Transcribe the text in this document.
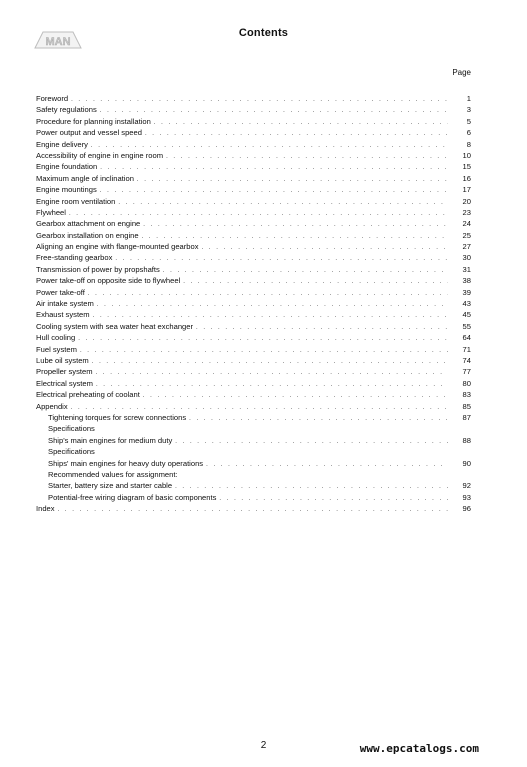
MAN
Contents
Page
Foreword . . .	1
Safety regulations . . .	3
Procedure for planning installation . . .	5
Power output and vessel speed . . .	6
Engine delivery . . .	8
Accessibility of engine in engine room . . .	10
Engine foundation . . .	15
Maximum angle of inclination . . .	16
Engine mountings . . .	17
Engine room ventilation . . .	20
Flywheel . . .	23
Gearbox attachment on engine . . .	24
Gearbox installation on engine . . .	25
Aligning an engine with flange-mounted gearbox . . .	27
Free-standing gearbox . . .	30
Transmission of power by propshafts . . .	31
Power take-off on opposite side to flywheel . . .	38
Power take-off . . .	39
Air intake system . . .	43
Exhaust system . . .	45
Cooling system with sea water heat exchanger . . .	55
Hull cooling . . .	64
Fuel system . . .	71
Lube oil system . . .	74
Propeller system . . .	77
Electrical system . . .	80
Electrical preheating of coolant . . .	83
Appendix . . .	85
Tightening torques for screw connections . . .	87
Specifications
Ship's main engines for medium duty . . .	88
Specifications
Ships' main engines for heavy duty operations . . .	90
Recommended values for assignment:
Starter, battery size and starter cable . . .	92
Potential-free wiring diagram of basic components . . .	93
Index . . .	96
2	www.epcatalogs.com
